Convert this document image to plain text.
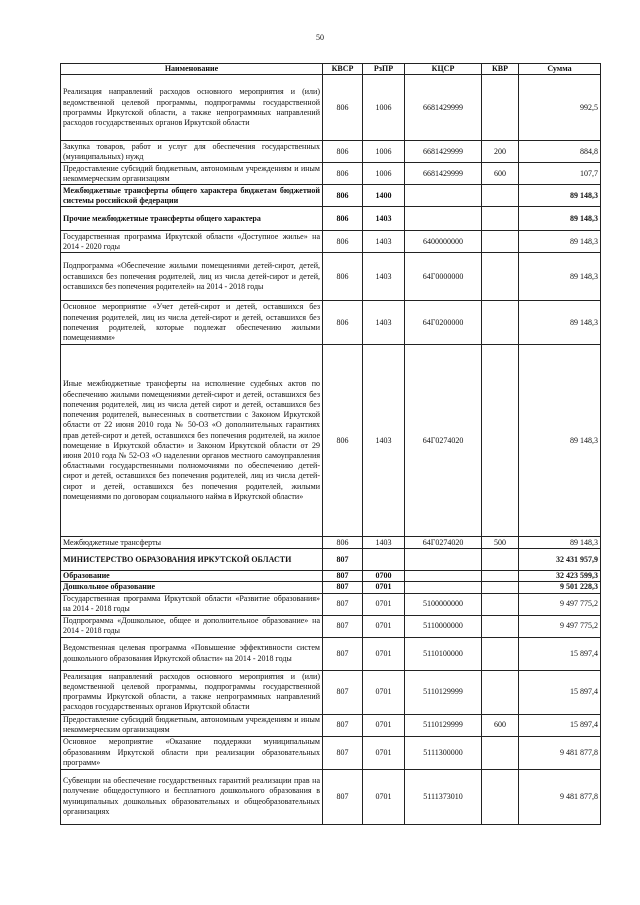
50
Наименование	КВСР	РзПР	КЦСР	КВР	Сумма
Реализация направлений расходов основного мероприятия и (или) ведомственной целевой программы, подпрограммы государственной программы Иркутской области, а также непрограммных направлений расходов государственных органов Иркутской области	806	1006	6681429999		992,5
Закупка товаров, работ и услуг для обеспечения государственных (муниципальных) нужд	806	1006	6681429999	200	884,8
Предоставление субсидий бюджетным, автономным учреждениям и иным некоммерческим организациям	806	1006	6681429999	600	107,7
Межбюджетные трансферты общего характера бюджетам бюджетной системы российской федерации	806	1400			89 148,3
Прочие межбюджетные трансферты общего характера	806	1403			89 148,3
Государственная программа Иркутской области «Доступное жилье» на 2014 - 2020 годы	806	1403	6400000000		89 148,3
Подпрограмма «Обеспечение жилыми помещениями детей-сирот, детей, оставшихся без попечения родителей, лиц из числа детей-сирот и детей, оставшихся без попечения родителей» на 2014 - 2018 годы	806	1403	64Г0000000		89 148,3
Основное мероприятие «Учет детей-сирот и детей, оставшихся без попечения родителей, лиц из числа детей-сирот и детей, оставшихся без попечения родителей, которые подлежат обеспечению жилыми помещениями»	806	1403	64Г0200000		89 148,3
Иные межбюджетные трансферты на исполнение судебных актов по обеспечению жилыми помещениями детей-сирот и детей, оставшихся без попечения родителей, лиц из числа детей сирот и детей, оставшихся без попечения родителей, вынесенных в соответствии с Законом Иркутской области от 22 июня 2010 года № 50-ОЗ «О дополнительных гарантиях прав детей-сирот и детей, оставшихся без попечения родителей, на жилое помещение в Иркутской области» и Законом Иркутской области от 29 июня 2010 года № 52-ОЗ «О наделении органов местного самоуправления областными государственными полномочиями по обеспечению детей-сирот и детей, оставшихся без попечения родителей, лиц из числа детей-сирот и детей, оставшихся без попечения родителей, жилыми помещениями по договорам социального найма в Иркутской области»	806	1403	64Г0274020		89 148,3
Межбюджетные трансферты	806	1403	64Г0274020	500	89 148,3
МИНИСТЕРСТВО ОБРАЗОВАНИЯ ИРКУТСКОЙ ОБЛАСТИ	807				32 431 957,9
Образование	807	0700			32 423 599,3
Дошкольное образование	807	0701			9 501 228,3
Государственная программа Иркутской области «Развитие образования» на 2014 - 2018 годы	807	0701	5100000000		9 497 775,2
Подпрограмма «Дошкольное, общее и дополнительное образование» на 2014 - 2018 годы	807	0701	5110000000		9 497 775,2
Ведомственная целевая программа «Повышение эффективности систем дошкольного образования Иркутской области» на 2014 - 2018 годы	807	0701	5110100000		15 897,4
Реализация направлений расходов основного мероприятия и (или) ведомственной целевой программы, подпрограммы государственной программы Иркутской области, а также непрограммных направлений расходов государственных органов Иркутской области	807	0701	5110129999		15 897,4
Предоставление субсидий бюджетным, автономным учреждениям и иным некоммерческим организациям	807	0701	5110129999	600	15 897,4
Основное мероприятие «Оказание поддержки муниципальным образованиям Иркутской области при реализации образовательных программ»	807	0701	5111300000		9 481 877,8
Субвенции на обеспечение государственных гарантий реализации прав на получение общедоступного и бесплатного дошкольного образования в муниципальных дошкольных образовательных и общеобразовательных организациях	807	0701	5111373010		9 481 877,8
